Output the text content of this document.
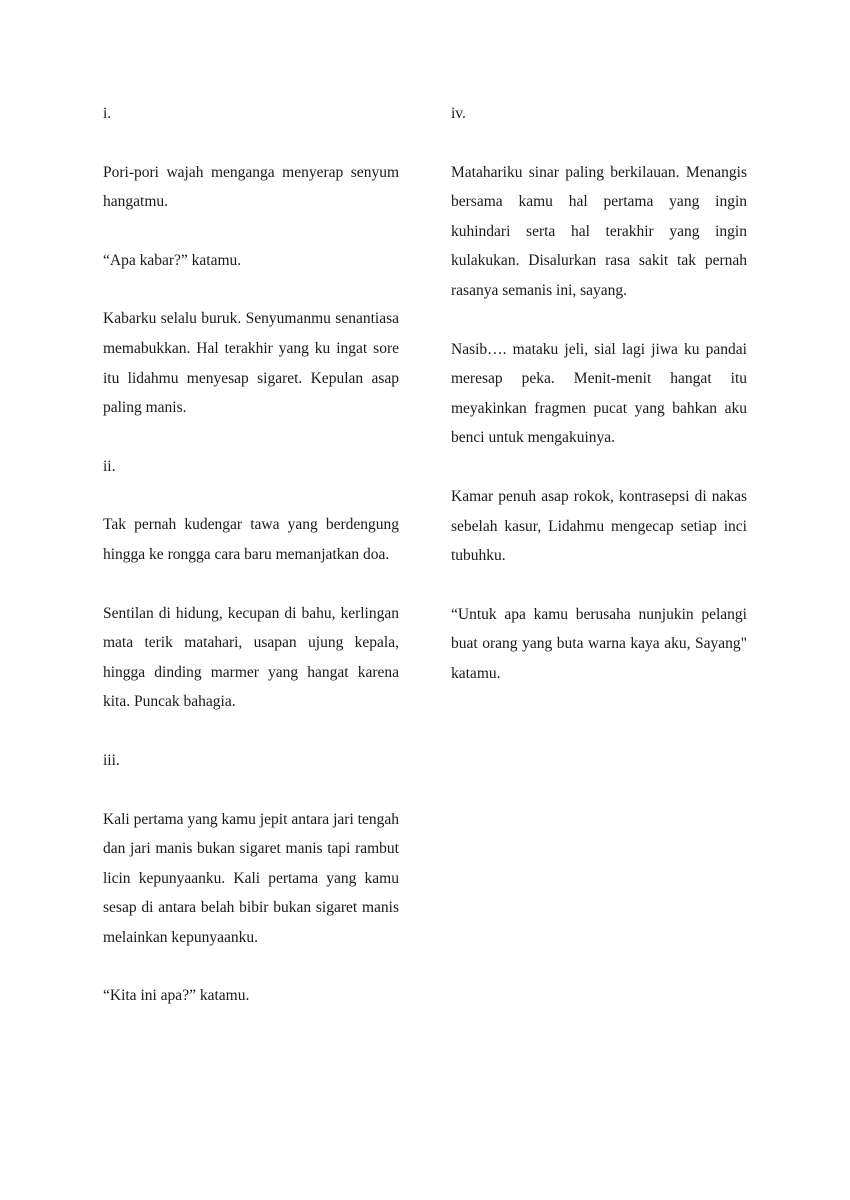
i.

Pori-pori wajah menganga menyerap senyum hangatmu.

“Apa kabar?” katamu.

Kabarku selalu buruk. Senyumanmu senantiasa memabukkan. Hal terakhir yang ku ingat sore itu lidahmu menyesap sigaret. Kepulan asap paling manis.

ii.

Tak pernah kudengar tawa yang berdengung hingga ke rongga cara baru memanjatkan doa.

Sentilan di hidung, kecupan di bahu, kerlingan mata terik matahari, usapan ujung kepala, hingga dinding marmer yang hangat karena kita. Puncak bahagia.

iii.

Kali pertama yang kamu jepit antara jari tengah dan jari manis bukan sigaret manis tapi rambut licin kepunyaanku. Kali pertama yang kamu sesap di antara belah bibir bukan sigaret manis melainkan kepunyaanku.

“Kita ini apa?” katamu.

iv.

Matahariku sinar paling berkilauan. Menangis bersama kamu hal pertama yang ingin kuhindari serta hal terakhir yang ingin kulakukan. Disalurkan rasa sakit tak pernah rasanya semanis ini, sayang.

Nasib…. mataku jeli, sial lagi jiwa ku pandai meresap peka. Menit-menit hangat itu meyakinkan fragmen pucat yang bahkan aku benci untuk mengakuinya.

Kamar penuh asap rokok, kontrasepsi di nakas sebelah kasur, Lidahmu mengecap setiap inci tubuhku.

“Untuk apa kamu berusaha nunjukin pelangi buat orang yang buta warna kaya aku, Sayang" katamu.
